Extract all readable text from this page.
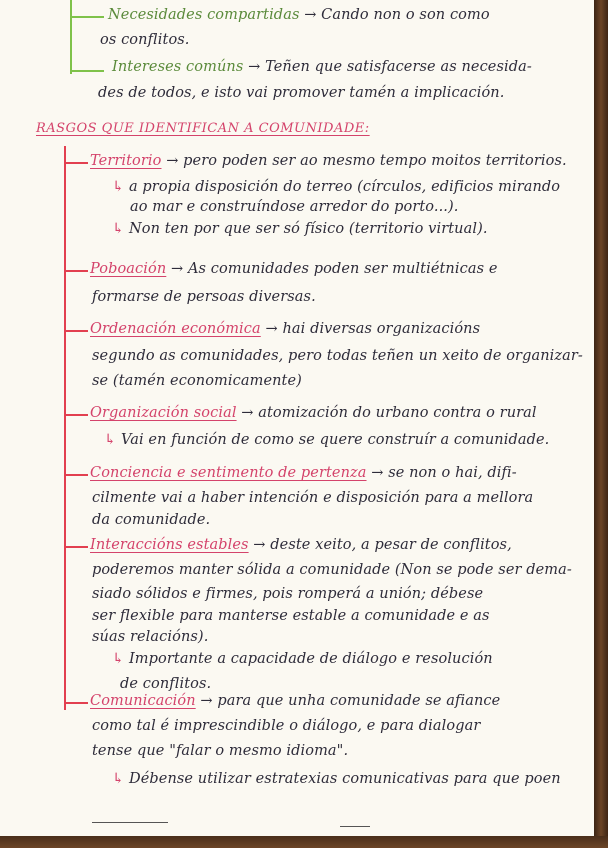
Necesidades compartidas → Cando non o son como
os conflitos.
Intereses comúns → Teñen que satisfacerse as necesida-
des de todos, e isto vai promover tamén a implicación.
RASGOS QUE IDENTIFICAN A COMUNIDADE:
Territorio → pero poden ser ao mesmo tempo moitos territorios.
↳ a propia disposición do terreo (círculos, edificios mirando
ao mar e construíndose arredor do porto...).
↳ Non ten por que ser só físico (territorio virtual).
Poboación → As comunidades poden ser multiétnicas e
formarse de persoas diversas.
Ordenación económica → hai diversas organizacións
segundo as comunidades, pero todas teñen un xeito de organizar-
se (tamén economicamente)
Organización social → atomización do urbano contra o rural
↳ Vai en función de como se quere construír a comunidade.
Conciencia e sentimento de pertenza → se non o hai, difi-
cilmente vai a haber intención e disposición para a mellora
da comunidade.
Interaccións estables → deste xeito, a pesar de conflitos,
poderemos manter sólida a comunidade (Non se pode ser dema-
siado sólidos e firmes, pois romperá a unión; débese
ser flexible para manterse estable a comunidade e as
súas relacións).
↳ Importante a capacidade de diálogo e resolución
de conflitos.
Comunicación → para que unha comunidade se afiance
como tal é imprescindible o diálogo, e para dialogar
tense que "falar o mesmo idioma".
↳ Débense utilizar estratexias comunicativas para que poen
